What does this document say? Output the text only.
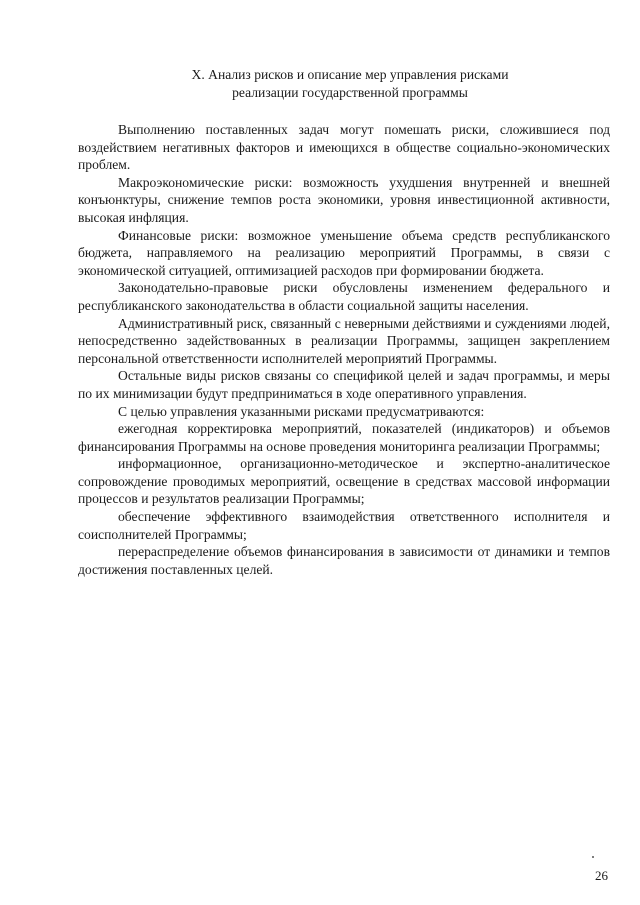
X. Анализ рисков и описание мер управления рисками
реализации государственной программы

Выполнению поставленных задач могут помешать риски, сложившиеся под воздействием негативных факторов и имеющихся в обществе социально-экономических проблем.

Макроэкономические риски: возможность ухудшения внутренней и внешней конъюнктуры, снижение темпов роста экономики, уровня инвестиционной активности, высокая инфляция.

Финансовые риски: возможное уменьшение объема средств республиканского бюджета, направляемого на реализацию мероприятий Программы, в связи с экономической ситуацией, оптимизацией расходов при формировании бюджета.

Законодательно-правовые риски обусловлены изменением федерального и республиканского законодательства в области социальной защиты населения.

Административный риск, связанный с неверными действиями и суждениями людей, непосредственно задействованных в реализации Программы, защищен закреплением персональной ответственности исполнителей мероприятий Программы.

Остальные виды рисков связаны со спецификой целей и задач программы, и меры по их минимизации будут предприниматься в ходе оперативного управления.

С целью управления указанными рисками предусматриваются:

ежегодная корректировка мероприятий, показателей (индикаторов) и объемов финансирования Программы на основе проведения мониторинга реализации Программы;

информационное, организационно-методическое и экспертно-аналитическое сопровождение проводимых мероприятий, освещение в средствах массовой информации процессов и результатов реализации Программы;

обеспечение эффективного взаимодействия ответственного исполнителя и соисполнителей Программы;

перераспределение объемов финансирования в зависимости от динамики и темпов достижения поставленных целей.

26
